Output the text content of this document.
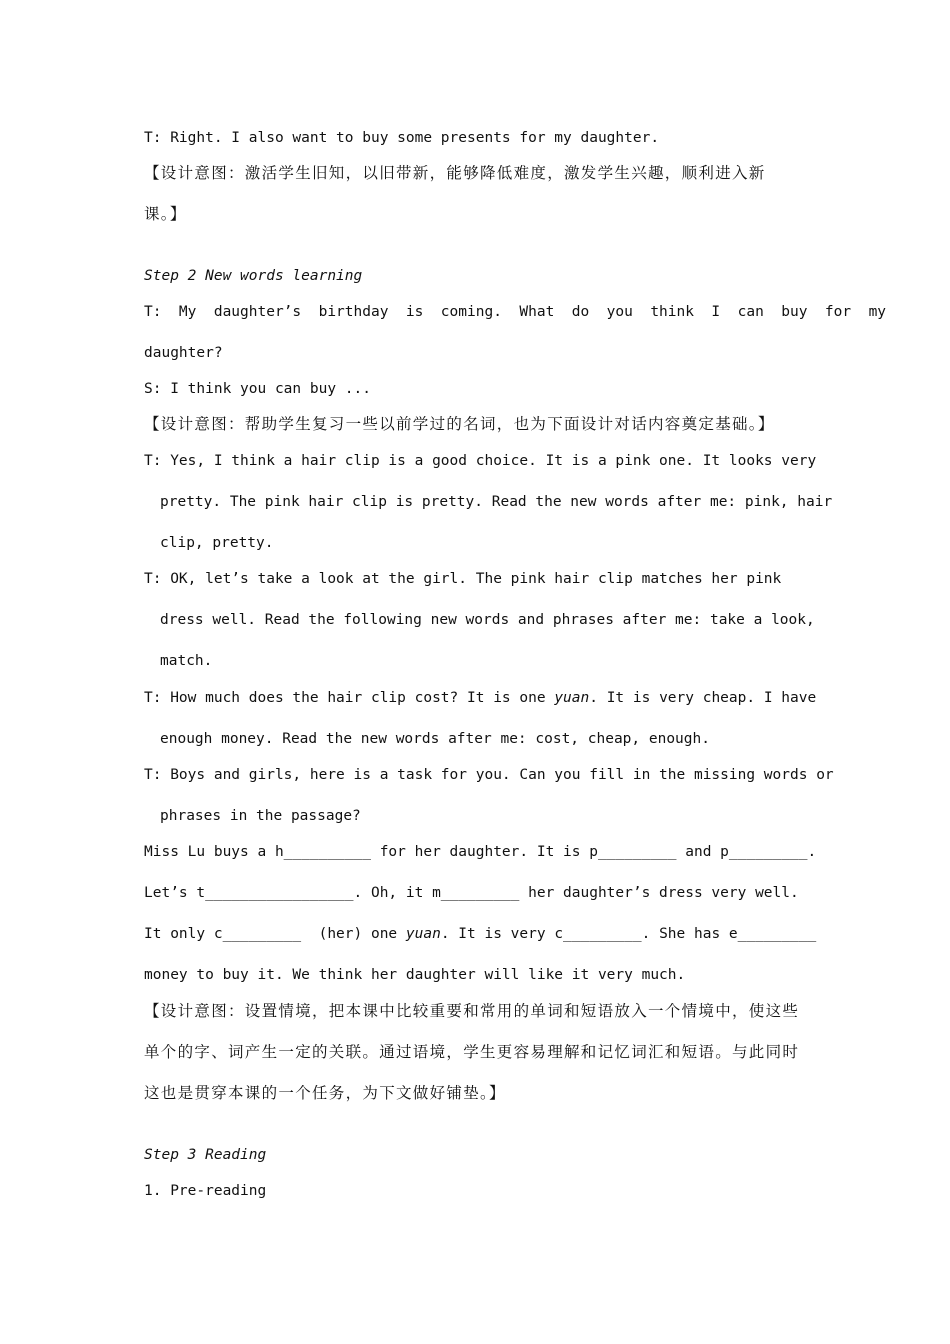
T: Right. I also want to buy some presents for my daughter.
【设计意图：激活学生旧知，以旧带新，能够降低难度，激发学生兴趣，顺利进入新
课。】
Step 2 New words learning
T:  My  daughter’s  birthday  is  coming.  What  do  you  think  I  can  buy  for  my
daughter?
S: I think you can buy ...
【设计意图：帮助学生复习一些以前学过的名词，也为下面设计对话内容奠定基础。】
T: Yes, I think a hair clip is a good choice. It is a pink one. It looks very
pretty. The pink hair clip is pretty. Read the new words after me: pink, hair
clip, pretty.
T: OK, let’s take a look at the girl. The pink hair clip matches her pink
dress well. Read the following new words and phrases after me: take a look,
match.
T: How much does the hair clip cost? It is one yuan. It is very cheap. I have
enough money. Read the new words after me: cost, cheap, enough.
T: Boys and girls, here is a task for you. Can you fill in the missing words or
phrases in the passage?
Miss Lu buys a h__________ for her daughter. It is p_________ and p_________.
Let’s t_________________. Oh, it m_________ her daughter’s dress very well.
It only c_________  (her) one yuan. It is very c_________. She has e_________
money to buy it. We think her daughter will like it very much.
【设计意图：设置情境，把本课中比较重要和常用的单词和短语放入一个情境中，使这些
单个的字、词产生一定的关联。通过语境，学生更容易理解和记忆词汇和短语。与此同时
这也是贯穿本课的一个任务，为下文做好铺垫。】
Step 3 Reading
1. Pre-reading
